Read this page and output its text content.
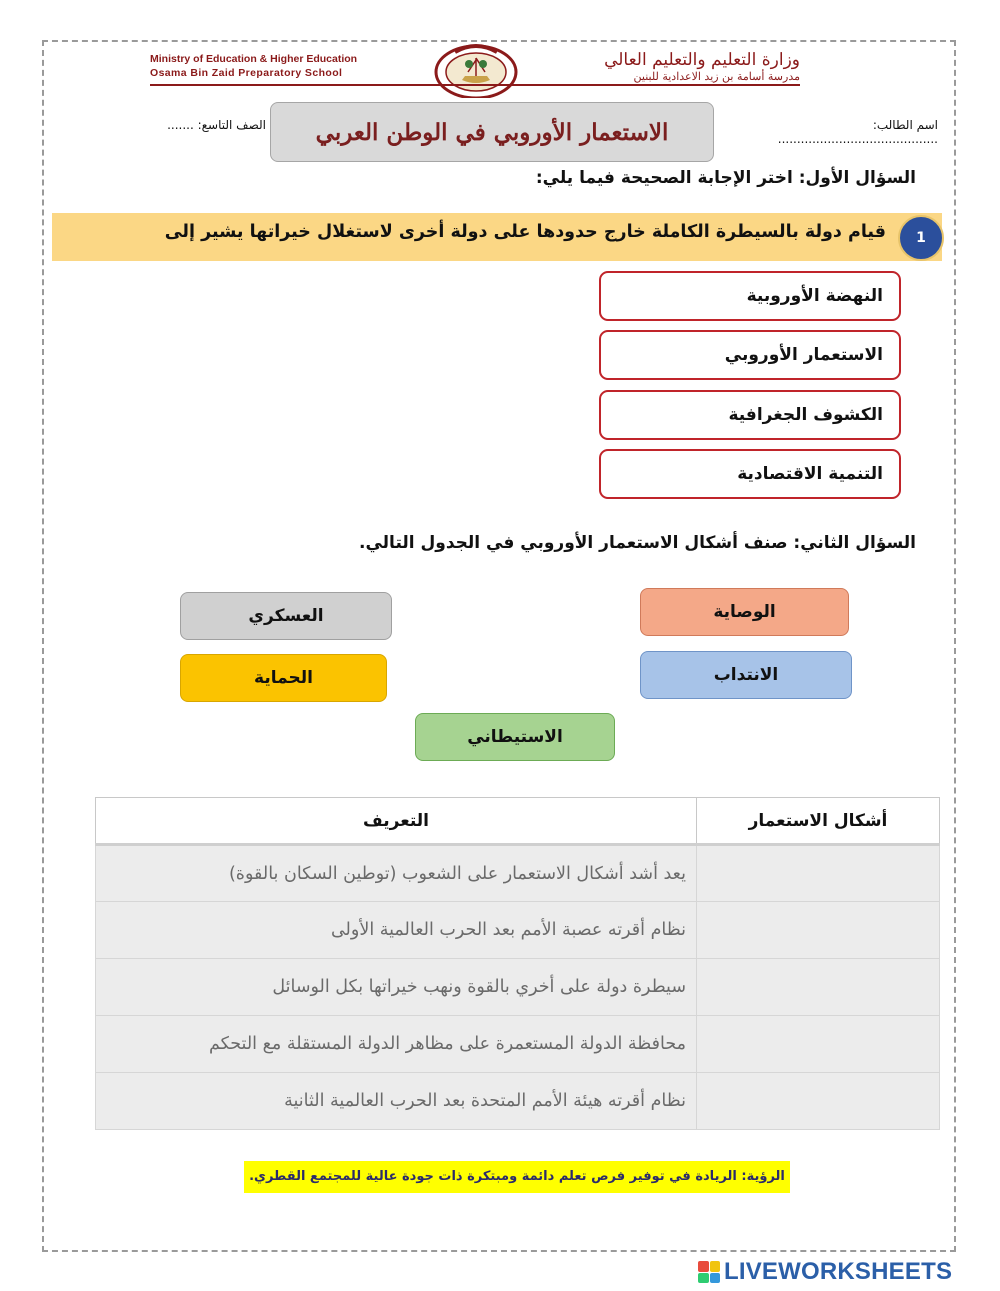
Ministry of Education & Higher Education
Osama Bin Zaid Preparatory School
وزارة التعليم والتعليم العالي
مدرسة أسامة بن زيد الاعدادية للبنين
اسم الطالب: ..........................................
الصف التاسع: .......	الاستعمار الأوروبي في الوطن العربي
السؤال الأول: اختر الإجابة الصحيحة فيما يلي:
قيام دولة بالسيطرة الكاملة خارج حدودها على دولة أخرى لاستغلال خيراتها يشير إلى	1
النهضة الأوروبية
الاستعمار الأوروبي
الكشوف الجغرافية
التنمية الاقتصادية
السؤال الثاني: صنف أشكال الاستعمار الأوروبي في الجدول التالي.
العسكري	الوصاية
الحماية	الانتداب
الاستيطاني
أشكال الاستعمار	التعريف
	يعد أشد أشكال الاستعمار على الشعوب (توطين السكان بالقوة)
	نظام أقرته عصبة الأمم بعد الحرب العالمية الأولى
	سيطرة دولة على أخري بالقوة ونهب خيراتها بكل الوسائل
	محافظة الدولة المستعمرة على مظاهر الدولة المستقلة مع التحكم
	نظام أقرته هيئة الأمم المتحدة بعد الحرب العالمية الثانية
الرؤية: الريادة في توفير فرص تعلم دائمة ومبتكرة ذات جودة عالية للمجتمع القطري.
LIVEWORKSHEETS
